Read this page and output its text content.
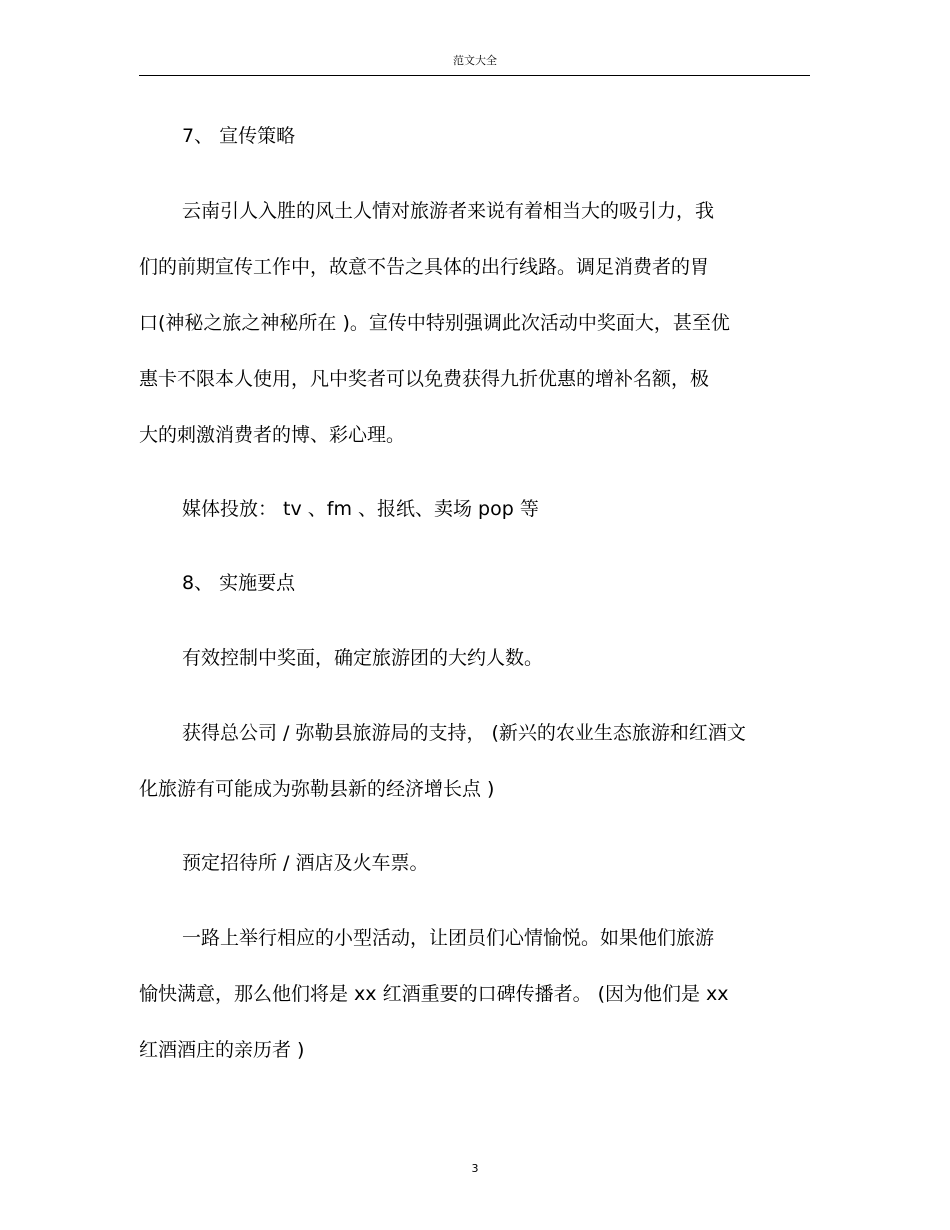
范文大全
7、 宣传策略
云南引人入胜的风土人情对旅游者来说有着相当大的吸引力，我
们的前期宣传工作中，故意不告之具体的出行线路。调足消费者的胃
口(神秘之旅之神秘所在 )。宣传中特别强调此次活动中奖面大，甚至优
惠卡不限本人使用，凡中奖者可以免费获得九折优惠的增补名额，极
大的刺激消费者的博、彩心理。
媒体投放： tv 、fm 、报纸、卖场 pop 等
8、 实施要点
有效控制中奖面，确定旅游团的大约人数。
获得总公司 / 弥勒县旅游局的支持， (新兴的农业生态旅游和红酒文
化旅游有可能成为弥勒县新的经济增长点 )
预定招待所 / 酒店及火车票。
一路上举行相应的小型活动，让团员们心情愉悦。如果他们旅游
愉快满意，那么他们将是 xx 红酒重要的口碑传播者。 (因为他们是 xx
红酒酒庄的亲历者 )
3
